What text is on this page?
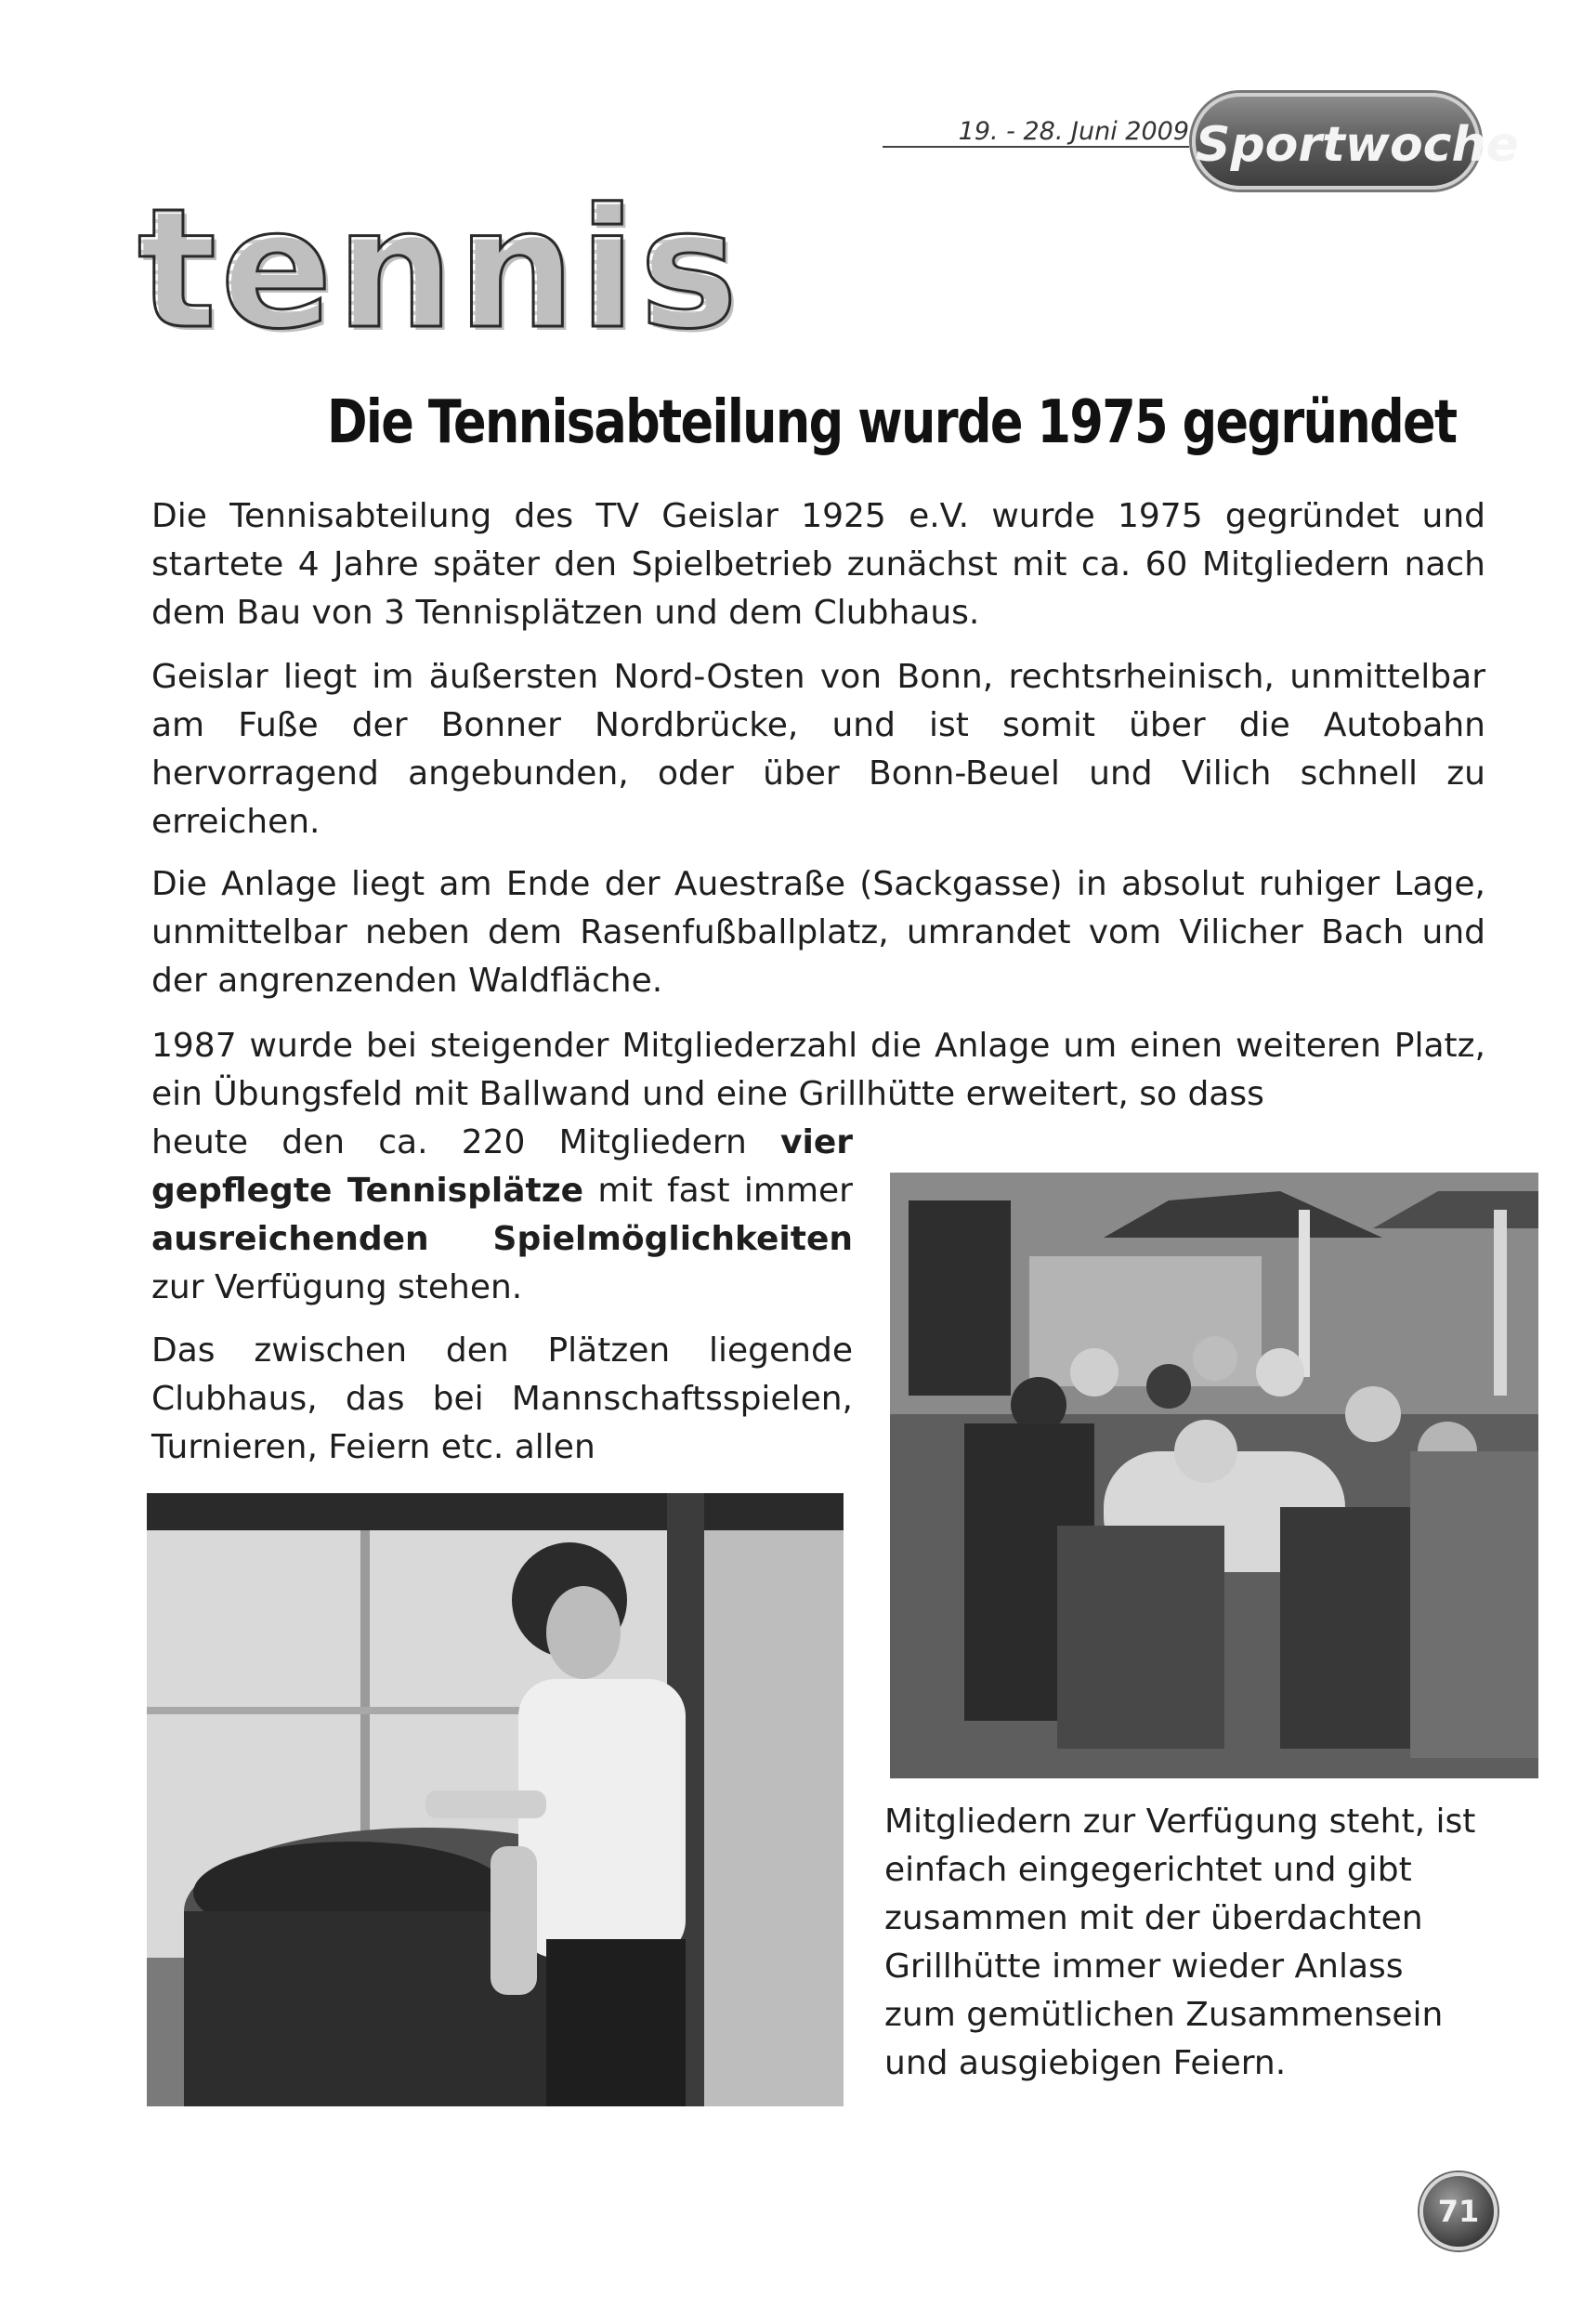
19. - 28. Juni 2009 Sportwoche
tennis
Die Tennisabteilung wurde 1975 gegründet

Die Tennisabteilung des TV Geislar 1925 e.V. wurde 1975 gegründet und startete 4 Jahre später den Spielbetrieb zunächst mit ca. 60 Mitgliedern nach dem Bau von 3 Tennisplätzen und dem Clubhaus.

Geislar liegt im äußersten Nord-Osten von Bonn, rechtsrheinisch, unmittelbar am Fuße der Bonner Nordbrücke, und ist somit über die Autobahn hervorragend angebunden, oder über Bonn-Beuel und Vilich schnell zu erreichen.

Die Anlage liegt am Ende der Auestraße (Sackgasse) in absolut ruhiger Lage, unmittelbar neben dem Rasenfußballplatz, umrandet vom Vilicher Bach und der angrenzenden Waldfläche.

1987 wurde bei steigender Mitgliederzahl die Anlage um einen weiteren Platz, ein Übungsfeld mit Ballwand und eine Grillhütte erweitert, so dass

heute den ca. 220 Mitgliedern vier gepflegte Tennisplätze mit fast immer ausreichenden Spielmöglichkeiten zur Verfügung stehen.

Das zwischen den Plätzen liegende Clubhaus, das bei Mannschaftsspielen, Turnieren, Feiern etc. allen

Mitgliedern zur Verfügung steht, ist einfach eingegerichtet und gibt zusammen mit der überdachten Grillhütte immer wieder Anlass zum gemütlichen Zusammensein und ausgiebigen Feiern.

71
